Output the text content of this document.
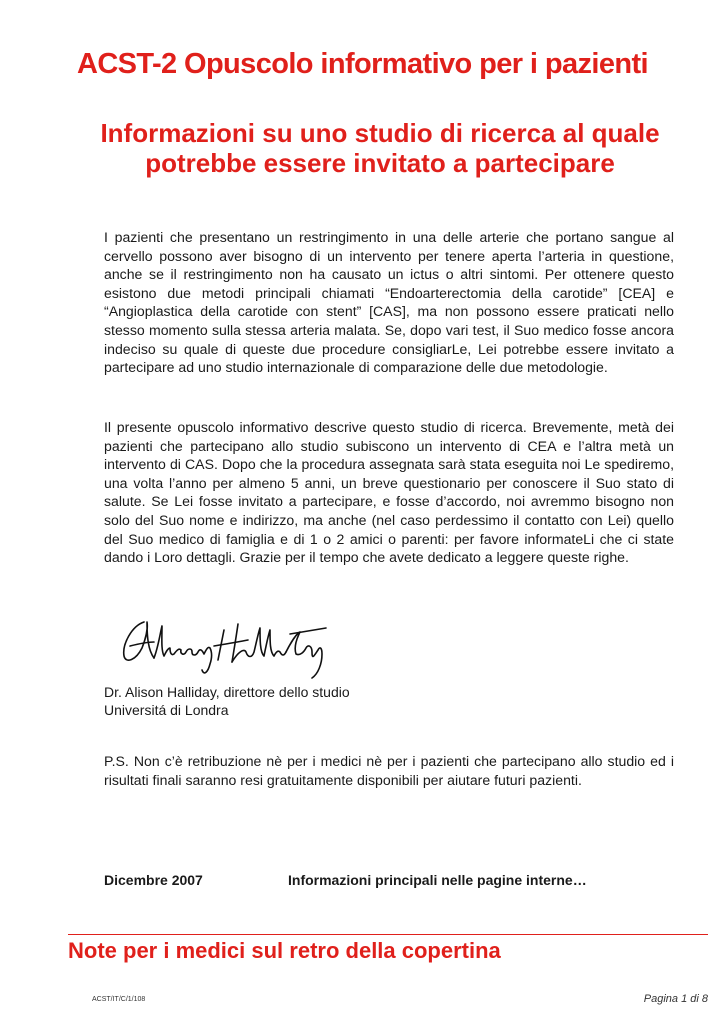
ACST-2 Opuscolo informativo per i pazienti
Informazioni su uno studio di ricerca al quale potrebbe essere invitato a partecipare

I pazienti che presentano un restringimento in una delle arterie che portano sangue al cervello possono aver bisogno di un intervento per tenere aperta l’arteria in questione, anche se il restringimento non ha causato un ictus o altri sintomi. Per ottenere questo esistono due metodi principali chiamati “Endoarterectomia della carotide” [CEA] e “Angioplastica della carotide con stent” [CAS], ma non possono essere praticati nello stesso momento sulla stessa arteria malata. Se, dopo vari test, il Suo medico fosse ancora indeciso su quale di queste due procedure consigliarLe, Lei potrebbe essere invitato a partecipare ad uno studio internazionale di comparazione delle due metodologie.

Il presente opuscolo informativo descrive questo studio di ricerca. Brevemente, metà dei pazienti che partecipano allo studio subiscono un intervento di CEA e l’altra metà un intervento di CAS. Dopo che la procedura assegnata sarà stata eseguita noi Le spediremo, una volta l’anno per almeno 5 anni, un breve questionario per conoscere il Suo stato di salute. Se Lei fosse invitato a partecipare, e fosse d’accordo, noi avremmo bisogno non solo del Suo nome e indirizzo, ma anche (nel caso perdessimo il contatto con Lei) quello del Suo medico di famiglia e di 1 o 2 amici o parenti: per favore informateLi che ci state dando i Loro dettagli. Grazie per il tempo che avete dedicato a leggere queste righe.

Dr. Alison Halliday, direttore dello studio

Universitá di Londra

P.S. Non c’è retribuzione nè per i medici nè per i pazienti che partecipano allo studio ed i risultati finali saranno resi gratuitamente disponibili per aiutare futuri pazienti.

Dicembre 2007	Informazioni principali nelle pagine interne…

Note per i medici sul retro della copertina

ACST/IT/C/1/108	Pagina 1 di 8
